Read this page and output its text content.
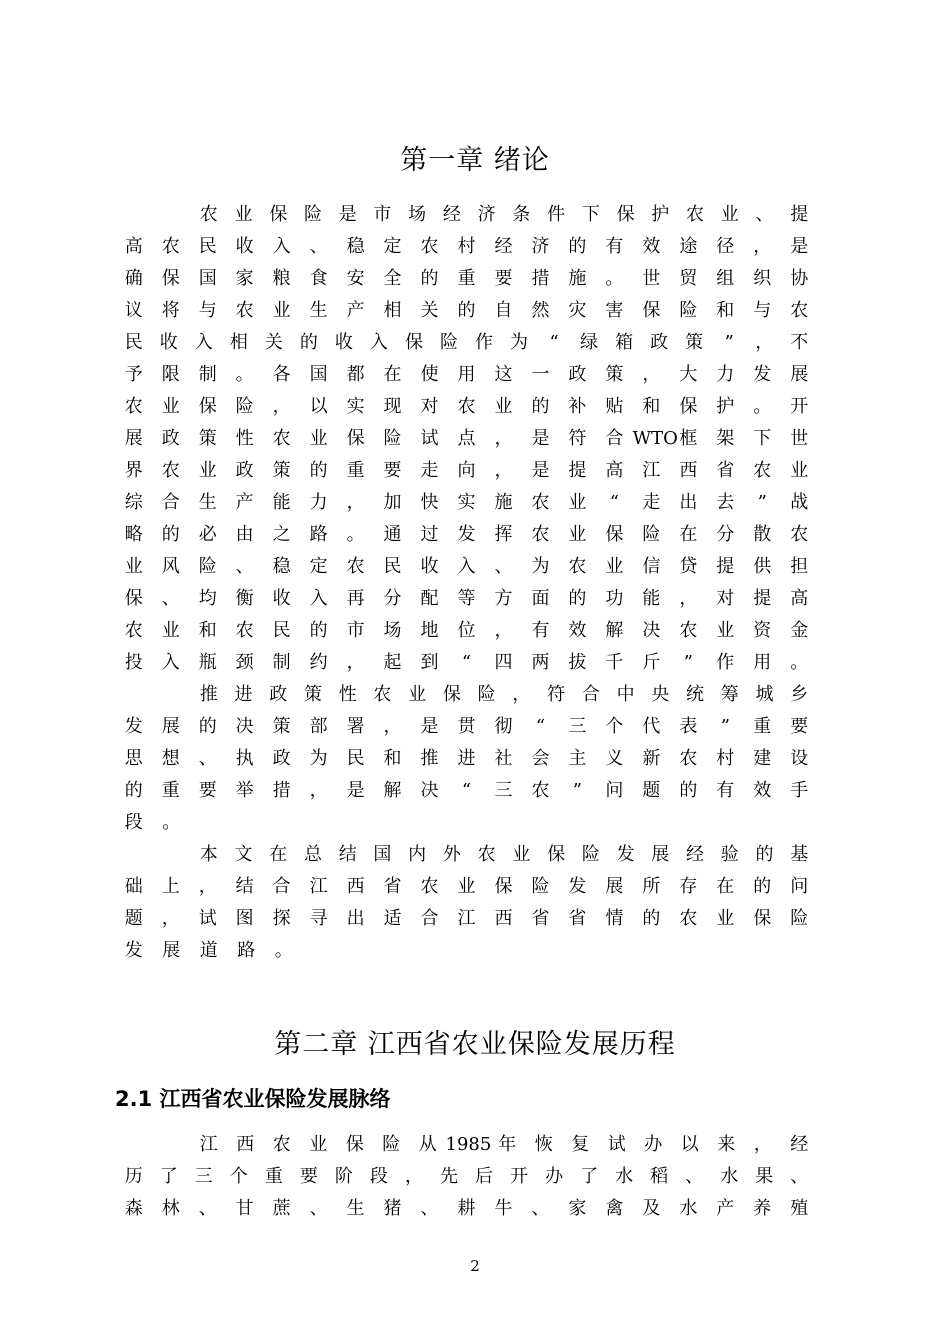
第一章 绪论
农 业 保 险 是 市 场 经 济 条 件 下 保 护 农 业 、 提
高	农	民	收	入	、	稳	定	农	村	经	济	的	有	效	途	径	，	是
确	保	国	家	粮	食	安	全	的	重	要	措	施	。	世	贸	组	织	协
议	将	与	农	业	生	产	相	关	的	自	然	灾	害	保	险	和	与	农
民 收 入 相 关 的 收 入 保 险 作 为	“	绿 箱 政 策	”	， 不
予	限	制	。	各	国	都	在	使	用	这	一	政	策	，	大	力	发	展
农	业	保	险	，	以	实	现	对	农	业	的	补	贴	和	保	护	。	开
展	政	策	性	农	业	保	险	试	点	，	是	符	合 WTO 框	架	下	世
界	农	业	政	策	的	重	要	走	向	，	是	提	高	江	西	省	农	业
综	合	生	产	能	力	，	加	快	实	施	农	业	“	走	出	去	”	战
略	的	必	由	之	路	。	通	过	发	挥	农	业	保	险	在	分	散	农
业	风	险	、	稳	定	农	民	收	入	、	为	农	业	信	贷	提	供	担
保	、	均	衡	收	入	再	分	配	等	方	面	的	功	能	，	对	提	高
农	业	和	农	民	的	市	场	地	位	，	有	效	解	决	农	业	资	金
投	入	瓶	颈	制	约	，	起	到	“	四	两	拔	千	斤	”	作	用	。
推 进 政 策 性 农 业 保 险 ， 符 合 中 央 统 筹 城 乡
发	展	的	决	策	部	署	，	是	贯	彻	“	三	个	代	表	”	重	要
思	想	、	执	政	为	民	和	推	进	社	会	主	义	新	农	村	建	设
的	重	要	举	措	，	是	解	决	“	三	农	”	问	题	的	有	效	手
段	。
本 文 在 总 结 国 内 外 农 业 保 险 发 展 经 验 的 基
础	上	，	结	合	江	西	省	农	业	保	险	发	展	所	存	在	的	问
题	，	试	图	探	寻	出	适	合	江	西	省	省	情	的	农	业	保	险
发	展	道	路	。
第二章 江西省农业保险发展历程
2.1 江西省农业保险发展脉络
江	西	农	业	保	险	从 1985 年	恢	复	试	办	以	来	，	经
历 了 三 个 重 要 阶 段 ， 先 后 开 办 了 水 稻 、 水 果 、
森	林	、	甘	蔗	、	生	猪	、	耕	牛	、	家	禽	及	水	产	养	殖
2
